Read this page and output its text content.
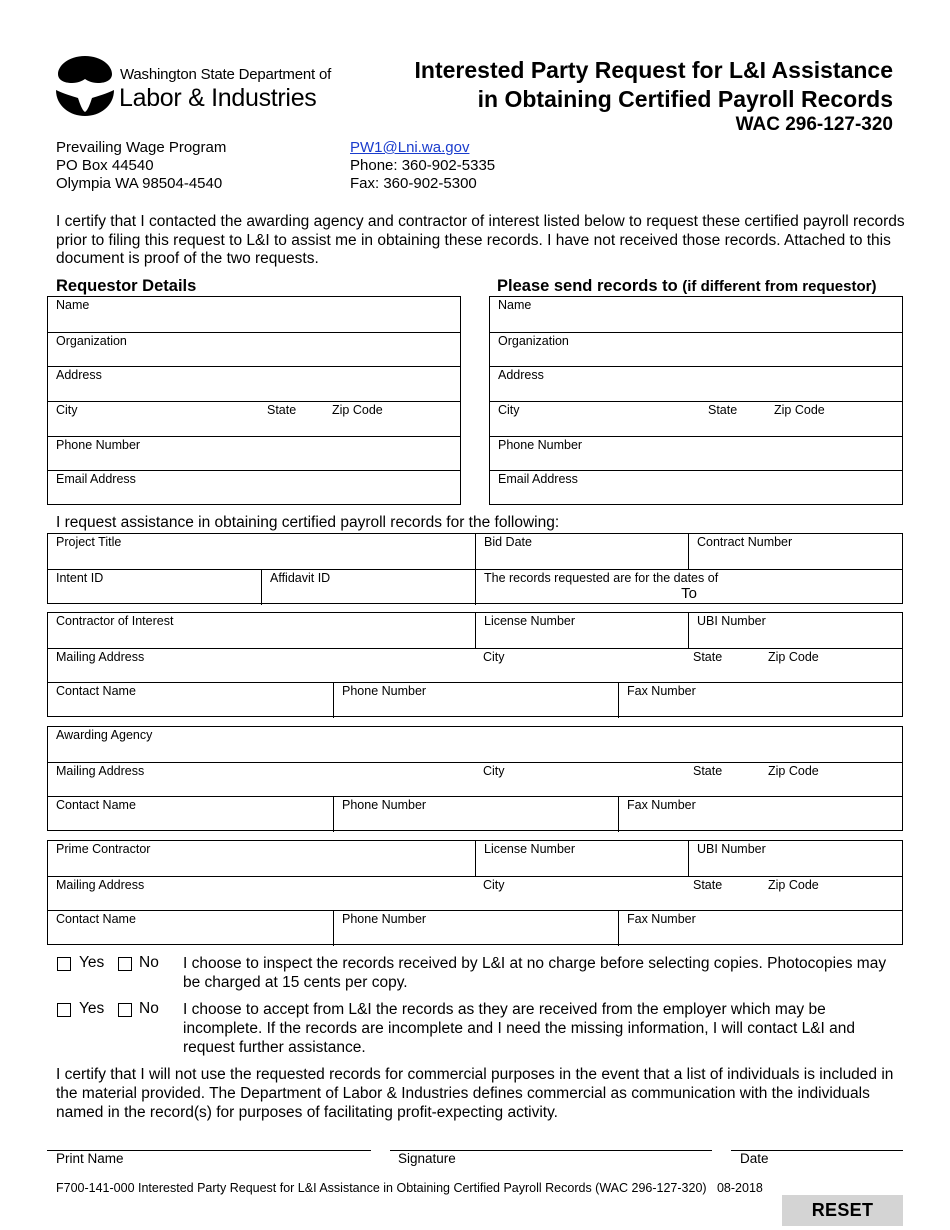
Washington State Department of
Labor & Industries
Interested Party Request for L&I Assistance
in Obtaining Certified Payroll Records
WAC 296-127-320
Prevailing Wage Program
PO Box 44540
Olympia WA 98504-4540
PW1@Lni.wa.gov
Phone: 360-902-5335
Fax: 360-902-5300
I certify that I contacted the awarding agency and contractor of interest listed below to request these certified payroll records prior to filing this request to L&I to assist me in obtaining these records. I have not received those records. Attached to this document is proof of the two requests.
Requestor Details
Name
Organization
Address
City	State	Zip Code
Phone Number
Email Address
Please send records to (if different from requestor)
Name
Organization
Address
City	State	Zip Code
Phone Number
Email Address
I request assistance in obtaining certified payroll records for the following:
Project Title	Bid Date	Contract Number
Intent ID	Affidavit ID	The records requested are for the dates of
To
Contractor of Interest	License Number	UBI Number
Mailing Address	City	State	Zip Code
Contact Name	Phone Number	Fax Number
Awarding Agency
Mailing Address	City	State	Zip Code
Contact Name	Phone Number	Fax Number
Prime Contractor	License Number	UBI Number
Mailing Address	City	State	Zip Code
Contact Name	Phone Number	Fax Number
Yes No I choose to inspect the records received by L&I at no charge before selecting copies. Photocopies may be charged at 15 cents per copy.
Yes No I choose to accept from L&I the records as they are received from the employer which may be incomplete. If the records are incomplete and I need the missing information, I will contact L&I and request further assistance.
I certify that I will not use the requested records for commercial purposes in the event that a list of individuals is included in the material provided. The Department of Labor & Industries defines commercial as communication with the individuals named in the record(s) for purposes of facilitating profit-expecting activity.
Print Name	Signature	Date
F700-141-000 Interested Party Request for L&I Assistance in Obtaining Certified Payroll Records (WAC 296-127-320)   08-2018
RESET
